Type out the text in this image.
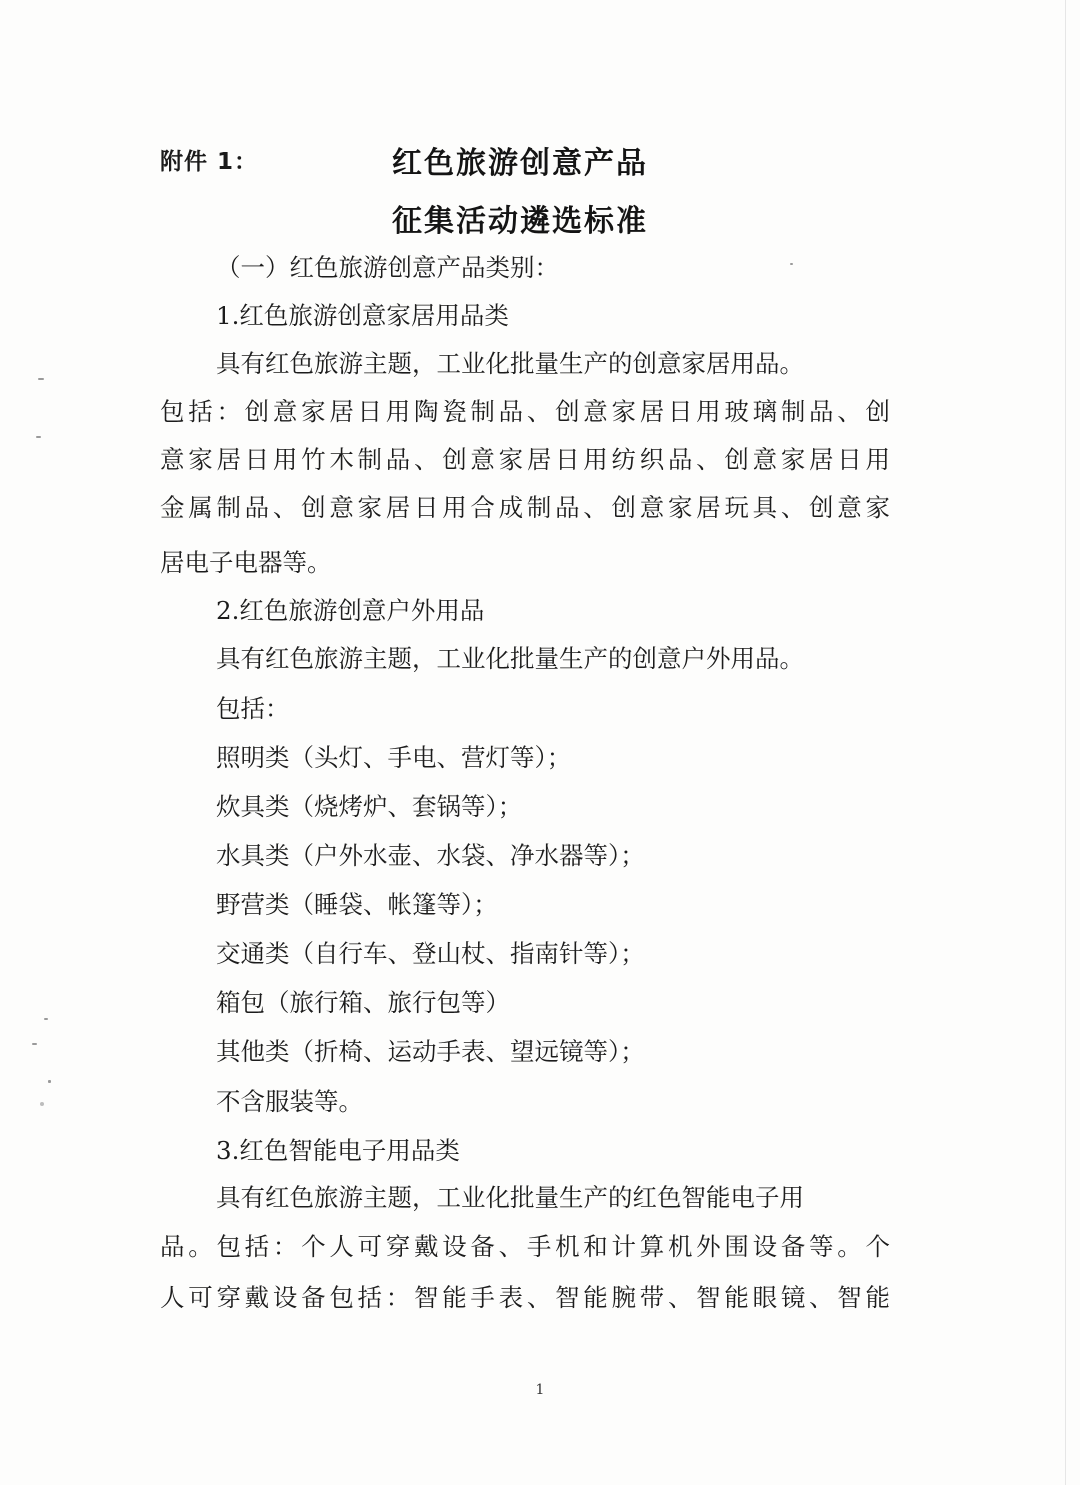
附件 1：	红色旅游创意产品
征集活动遴选标准
（一）红色旅游创意产品类别：
1.红色旅游创意家居用品类
具有红色旅游主题，工业化批量生产的创意家居用品。
包括：创意家居日用陶瓷制品、创意家居日用玻璃制品、创
意家居日用竹木制品、创意家居日用纺织品、创意家居日用
金属制品、创意家居日用合成制品、创意家居玩具、创意家
居电子电器等。
2.红色旅游创意户外用品
具有红色旅游主题，工业化批量生产的创意户外用品。
包括：
照明类（头灯、手电、营灯等）；
炊具类（烧烤炉、套锅等）；
水具类（户外水壶、水袋、净水器等）；
野营类（睡袋、帐篷等）；
交通类（自行车、登山杖、指南针等）；
箱包（旅行箱、旅行包等）
其他类（折椅、运动手表、望远镜等）；
不含服装等。
3.红色智能电子用品类
具有红色旅游主题，工业化批量生产的红色智能电子用
品。包括：个人可穿戴设备、手机和计算机外围设备等。个
人可穿戴设备包括：智能手表、智能腕带、智能眼镜、智能
1
